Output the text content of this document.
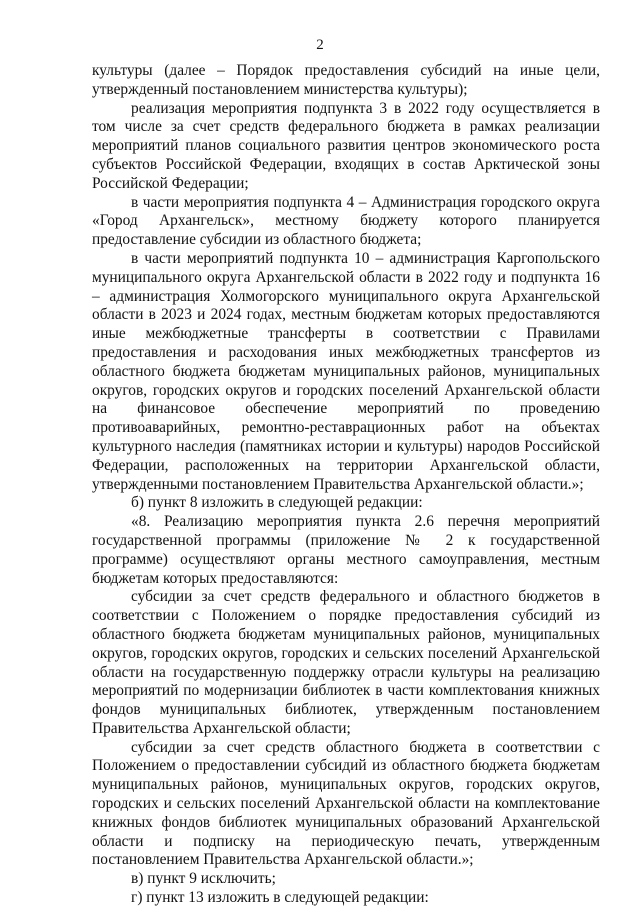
2

культуры (далее – Порядок предоставления субсидий на иные цели, утвержденный постановлением министерства культуры);

реализация мероприятия подпункта 3 в 2022 году осуществляется в том числе за счет средств федерального бюджета в рамках реализации мероприятий планов социального развития центров экономического роста субъектов Российской Федерации, входящих в состав Арктической зоны Российской Федерации;

в части мероприятия подпункта 4 – Администрация городского округа «Город Архангельск», местному бюджету которого планируется предоставление субсидии из областного бюджета;

в части мероприятий подпункта 10 – администрация Каргопольского муниципального округа Архангельской области в 2022 году и подпункта 16 – администрация Холмогорского муниципального округа Архангельской области в 2023 и 2024 годах, местным бюджетам которых предоставляются иные межбюджетные трансферты в соответствии с Правилами предоставления и расходования иных межбюджетных трансфертов из областного бюджета бюджетам муниципальных районов, муниципальных округов, городских округов и городских поселений Архангельской области на финансовое обеспечение мероприятий по проведению противоаварийных, ремонтно-реставрационных работ на объектах культурного наследия (памятниках истории и культуры) народов Российской Федерации, расположенных на территории Архангельской области, утвержденными постановлением Правительства Архангельской области.»;

б) пункт 8 изложить в следующей редакции:

«8. Реализацию мероприятия пункта 2.6 перечня мероприятий государственной программы (приложение № 2 к государственной программе) осуществляют органы местного самоуправления, местным бюджетам которых предоставляются:

субсидии за счет средств федерального и областного бюджетов в соответствии с Положением о порядке предоставления субсидий из областного бюджета бюджетам муниципальных районов, муниципальных округов, городских округов, городских и сельских поселений Архангельской области на государственную поддержку отрасли культуры на реализацию мероприятий по модернизации библиотек в части комплектования книжных фондов муниципальных библиотек, утвержденным постановлением Правительства Архангельской области;

субсидии за счет средств областного бюджета в соответствии с Положением о предоставлении субсидий из областного бюджета бюджетам муниципальных районов, муниципальных округов, городских округов, городских и сельских поселений Архангельской области на комплектование книжных фондов библиотек муниципальных образований Архангельской области и подписку на периодическую печать, утвержденным постановлением Правительства Архангельской области.»;

в) пункт 9 исключить;

г) пункт 13 изложить в следующей редакции:
